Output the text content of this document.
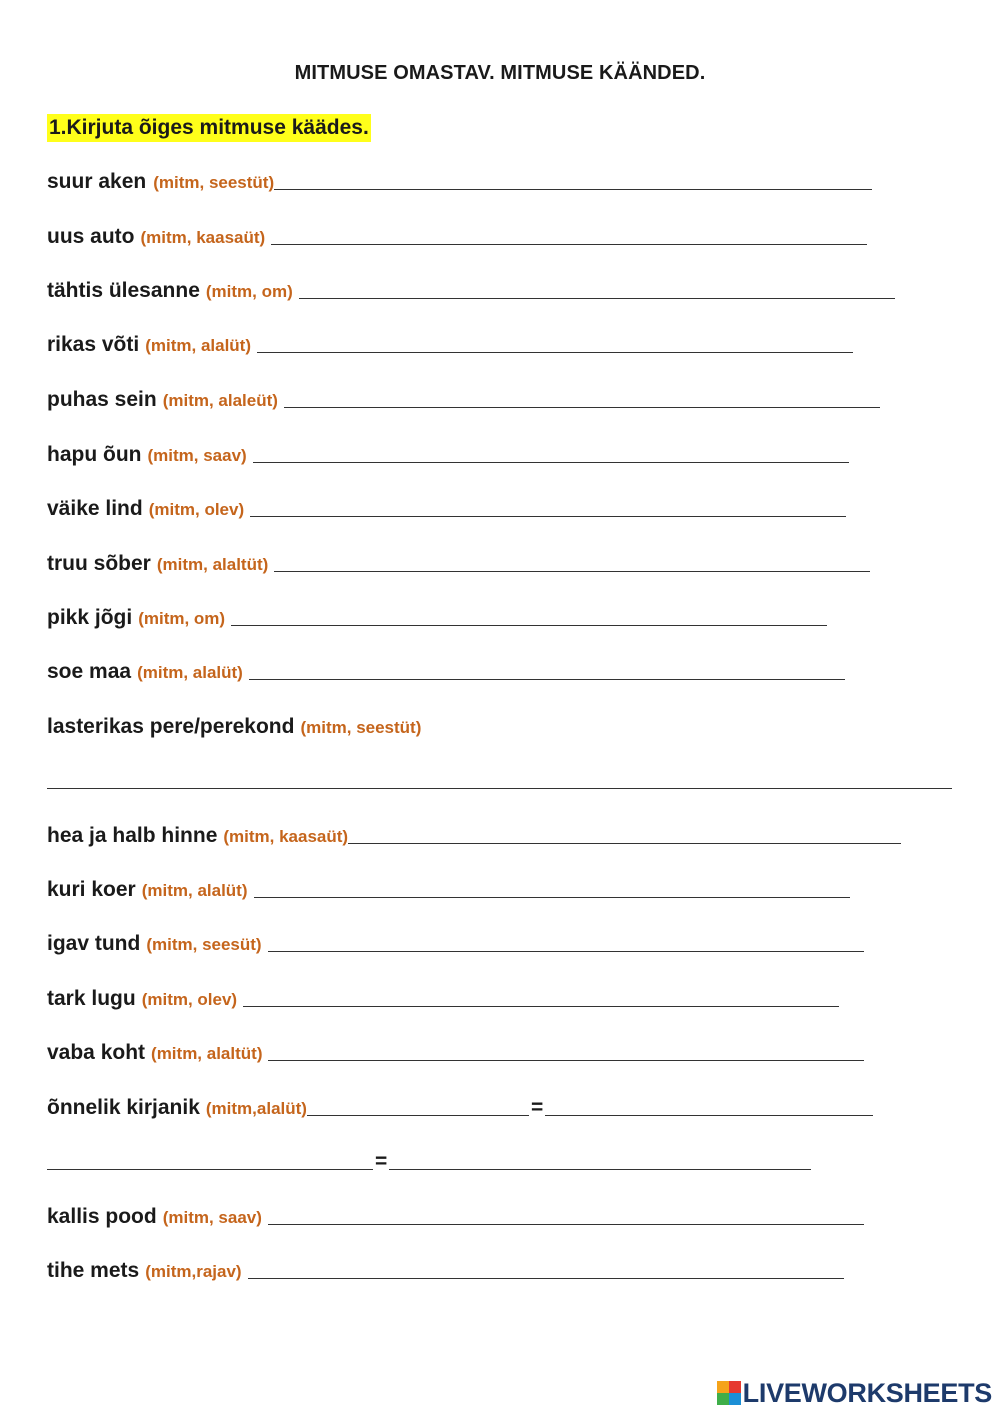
MITMUSE OMASTAV. MITMUSE KÄÄNDED.
1.Kirjuta õiges mitmuse käädes.
suur aken (mitm, seestüt)
uus auto (mitm, kaasaüt)
tähtis ülesanne (mitm, om)
rikas võti (mitm, alalüt)
puhas sein (mitm, alaleüt)
hapu õun (mitm, saav)
väike lind (mitm, olev)
truu sõber (mitm, alaltüt)
pikk jõgi (mitm, om)
soe maa (mitm, alalüt)
lasterikas pere/perekond (mitm, seestüt)
hea ja halb hinne (mitm, kaasaüt)
kuri koer (mitm, alalüt)
igav tund (mitm, seesüt)
tark lugu (mitm, olev)
vaba koht (mitm, alaltüt)
õnnelik kirjanik (mitm,alalüt)	=
=
kallis pood (mitm, saav)
tihe mets (mitm,rajav)
LIVEWORKSHEETS
